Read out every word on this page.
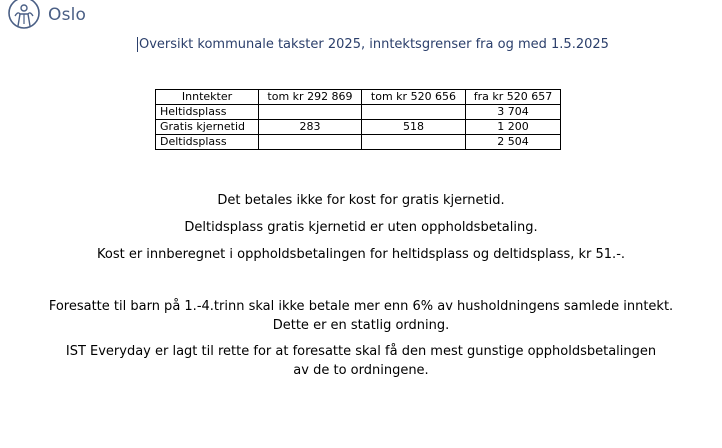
Oslo
Oversikt kommunale takster 2025, inntektsgrenser fra og med 1.5.2025
Inntekter	tom kr 292 869	tom kr 520 656	fra kr 520 657
Heltidsplass			3 704
Gratis kjernetid	283	518	1 200
Deltidsplass			2 504

Det betales ikke for kost for gratis kjernetid.

Deltidsplass gratis kjernetid er uten oppholdsbetaling.

Kost er innberegnet i oppholdsbetalingen for heltidsplass og deltidsplass, kr 51.-.

Foresatte til barn på 1.-4.trinn skal ikke betale mer enn 6% av husholdningens samlede inntekt. Dette er en statlig ordning.

IST Everyday er lagt til rette for at foresatte skal få den mest gunstige oppholdsbetalingen av de to ordningene.
